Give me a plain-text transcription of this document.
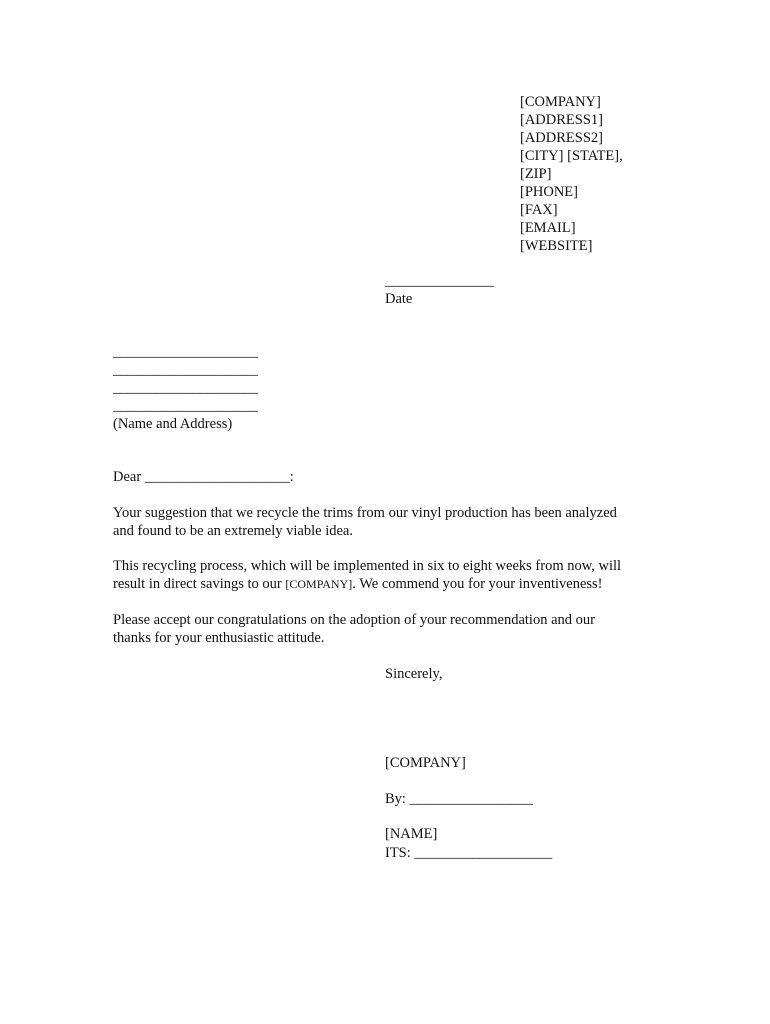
[COMPANY]
[ADDRESS1]
[ADDRESS2]
[CITY] [STATE],
[ZIP]
[PHONE]
[FAX]
[EMAIL]
[WEBSITE]
_______________
Date
____________________
____________________
____________________
____________________
(Name and Address)
Dear ____________________:
Your suggestion that we recycle the trims from our vinyl production has been analyzed
and found to be an extremely viable idea.
This recycling process, which will be implemented in six to eight weeks from now, will
result in direct savings to our [COMPANY]. We commend you for your inventiveness!
Please accept our congratulations on the adoption of your recommendation and our
thanks for your enthusiastic attitude.
Sincerely,
[COMPANY]
By: _________________
[NAME]
ITS: ___________________
